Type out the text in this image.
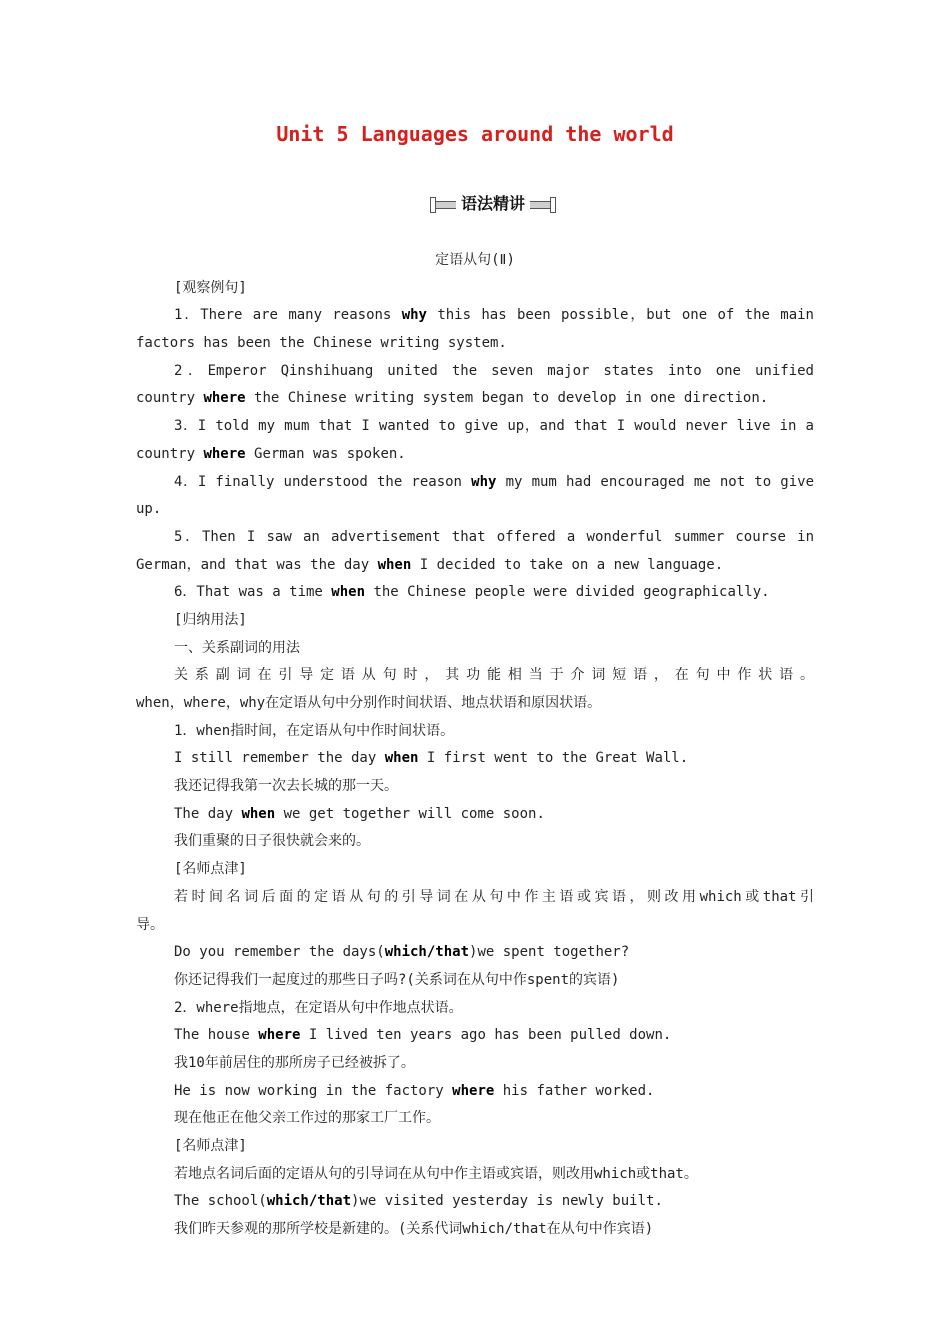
Unit 5 Languages around the world
语法精讲
定语从句(Ⅱ)
[观察例句]
1．There are many reasons why this has been possible，but one of the main
factors has been the Chinese writing system.
2．Emperor Qinshihuang united the seven major states into one unified
country where the Chinese writing system began to develop in one direction.
3．I told my mum that I wanted to give up，and that I would never live in a
country where German was spoken.
4．I finally understood the reason why my mum had encouraged me not to give
up.
5．Then I saw an advertisement that offered a wonderful summer course in
German，and that was the day when I decided to take on a new language.
6．That was a time when the Chinese people were divided geographically.
[归纳用法]
一、关系副词的用法
关系副词在引导定语从句时，其功能相当于介词短语，在句中作状语。
when，where，why在定语从句中分别作时间状语、地点状语和原因状语。
1．when指时间，在定语从句中作时间状语。
I still remember the day when I first went to the Great Wall.
我还记得我第一次去长城的那一天。
The day when we get together will come soon.
我们重聚的日子很快就会来的。
[名师点津]
若时间名词后面的定语从句的引导词在从句中作主语或宾语，则改用which或that引
导。
Do you remember the days(which/that)we spent together?
你还记得我们一起度过的那些日子吗?(关系词在从句中作spent的宾语)
2．where指地点，在定语从句中作地点状语。
The house where I lived ten years ago has been pulled down.
我10年前居住的那所房子已经被拆了。
He is now working in the factory where his father worked.
现在他正在他父亲工作过的那家工厂工作。
[名师点津]
若地点名词后面的定语从句的引导词在从句中作主语或宾语，则改用which或that。
The school(which/that)we visited yesterday is newly built.
我们昨天参观的那所学校是新建的。(关系代词which/that在从句中作宾语)
